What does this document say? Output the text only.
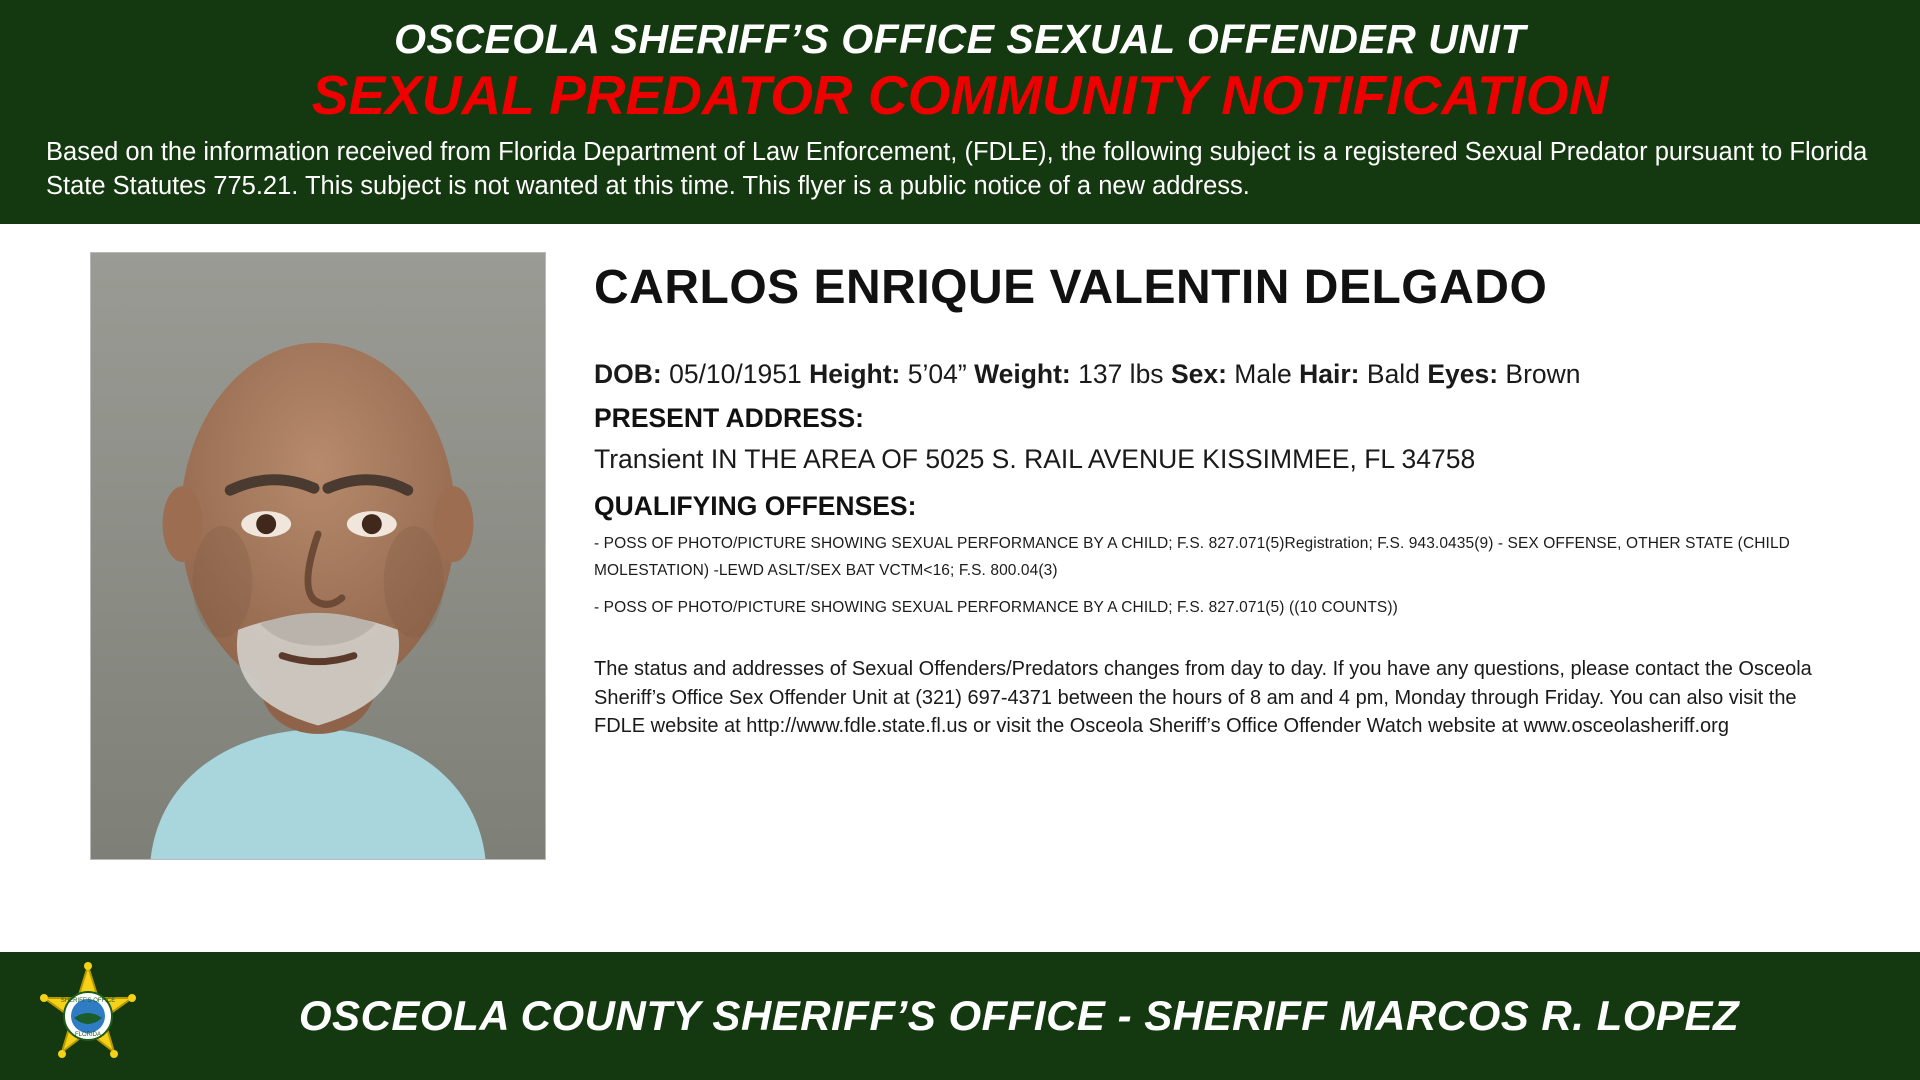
OSCEOLA SHERIFF’S OFFICE SEXUAL OFFENDER UNIT
SEXUAL PREDATOR COMMUNITY NOTIFICATION
Based on the information received from Florida Department of Law Enforcement, (FDLE), the following subject is a registered Sexual Predator pursuant to Florida State Statutes 775.21. This subject is not wanted at this time. This flyer is a public notice of a new address.
CARLOS ENRIQUE VALENTIN DELGADO
DOB: 05/10/1951 Height: 5’04” Weight: 137 lbs Sex: Male Hair: Bald Eyes: Brown
PRESENT ADDRESS:
Transient IN THE AREA OF 5025 S. RAIL AVENUE KISSIMMEE, FL 34758
QUALIFYING OFFENSES:
- POSS OF PHOTO/PICTURE SHOWING SEXUAL PERFORMANCE BY A CHILD; F.S. 827.071(5)Registration; F.S. 943.0435(9) - SEX OFFENSE, OTHER STATE (CHILD MOLESTATION) -LEWD ASLT/SEX BAT VCTM<16; F.S. 800.04(3)
- POSS OF PHOTO/PICTURE SHOWING SEXUAL PERFORMANCE BY A CHILD; F.S. 827.071(5) ((10 COUNTS))
The status and addresses of Sexual Offenders/Predators changes from day to day. If you have any questions, please contact the Osceola Sheriff’s Office Sex Offender Unit at (321) 697-4371 between the hours of 8 am and 4 pm, Monday through Friday. You can also visit the FDLE website at http://www.fdle.state.fl.us or visit the Osceola Sheriff’s Office Offender Watch website at www.osceolasheriff.org
SHERIFF'S OFFICE
FLORIDA	OSCEOLA COUNTY SHERIFF’S OFFICE - SHERIFF MARCOS R. LOPEZ
